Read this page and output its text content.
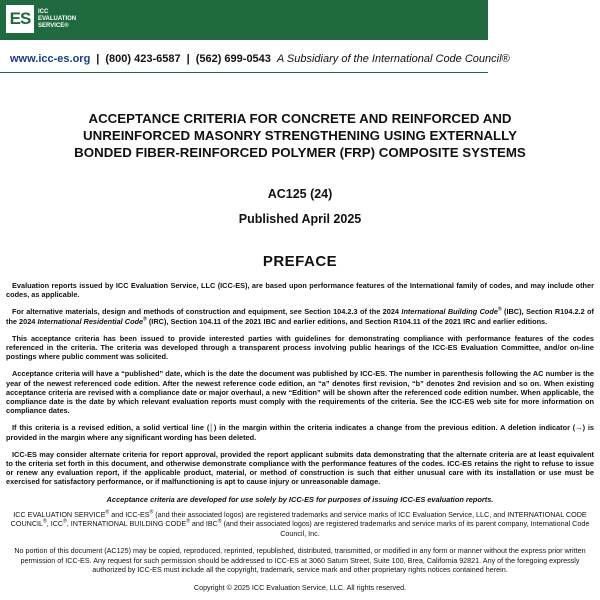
ES	ICC
EVALUATION
SERVICE®
www.icc-es.org | (800) 423-6587 | (562) 699-0543 A Subsidiary of the International Code Council®
ACCEPTANCE CRITERIA FOR CONCRETE AND REINFORCED AND
UNREINFORCED MASONRY STRENGTHENING USING EXTERNALLY
BONDED FIBER-REINFORCED POLYMER (FRP) COMPOSITE SYSTEMS
AC125 (24)
Published April 2025
PREFACE

Evaluation reports issued by ICC Evaluation Service, LLC (ICC-ES), are based upon performance features of the International family of codes, and may include other codes, as applicable.

For alternative materials, design and methods of construction and equipment, see Section 104.2.3 of the 2024 International Building Code® (IBC), Section R104.2.2 of the 2024 International Residential Code® (IRC), Section 104.11 of the 2021 IBC and earlier editions, and Section R104.11 of the 2021 IRC and earlier editions.

This acceptance criteria has been issued to provide interested parties with guidelines for demonstrating compliance with performance features of the codes referenced in the criteria. The criteria was developed through a transparent process involving public hearings of the ICC-ES Evaluation Committee, and/or on-line postings where public comment was solicited.

Acceptance criteria will have a “published” date, which is the date the document was published by ICC-ES. The number in parenthesis following the AC number is the year of the newest referenced code edition. After the newest reference code edition, an “a” denotes first revision, “b” denotes 2nd revision and so on. When existing acceptance criteria are revised with a compliance date or major overhaul, a new “Edition” will be shown after the referenced code edition number. When applicable, the compliance date is the date by which relevant evaluation reports must comply with the requirements of the criteria. See the ICC-ES web site for more information on compliance dates.

If this criteria is a revised edition, a solid vertical line (│) in the margin within the criteria indicates a change from the previous edition. A deletion indicator (→) is provided in the margin where any significant wording has been deleted.

ICC-ES may consider alternate criteria for report approval, provided the report applicant submits data demonstrating that the alternate criteria are at least equivalent to the criteria set forth in this document, and otherwise demonstrate compliance with the performance features of the codes. ICC-ES retains the right to refuse to issue or renew any evaluation report, if the applicable product, material, or method of construction is such that either unusual care with its installation or use must be exercised for satisfactory performance, or if malfunctioning is apt to cause injury or unreasonable damage.

Acceptance criteria are developed for use solely by ICC-ES for purposes of issuing ICC-ES evaluation reports.

ICC EVALUATION SERVICE® and ICC-ES® (and their associated logos) are registered trademarks and service marks of ICC Evaluation Service, LLC, and INTERNATIONAL CODE COUNCIL®, ICC®, INTERNATIONAL BUILDING CODE® and IBC® (and their associated logos) are registered trademarks and service marks of its parent company, International Code Council, Inc.

No portion of this document (AC125) may be copied, reproduced, reprinted, republished, distributed, transmitted, or modified in any form or manner without the express prior written permission of ICC-ES. Any request for such permission should be addressed to ICC-ES at 3060 Saturn Street, Suite 100, Brea, California 92821. Any of the foregoing expressly authorized by ICC-ES must include all the copyright, trademark, service mark and other proprietary rights notices contained herein.

Copyright © 2025 ICC Evaluation Service, LLC. All rights reserved.
